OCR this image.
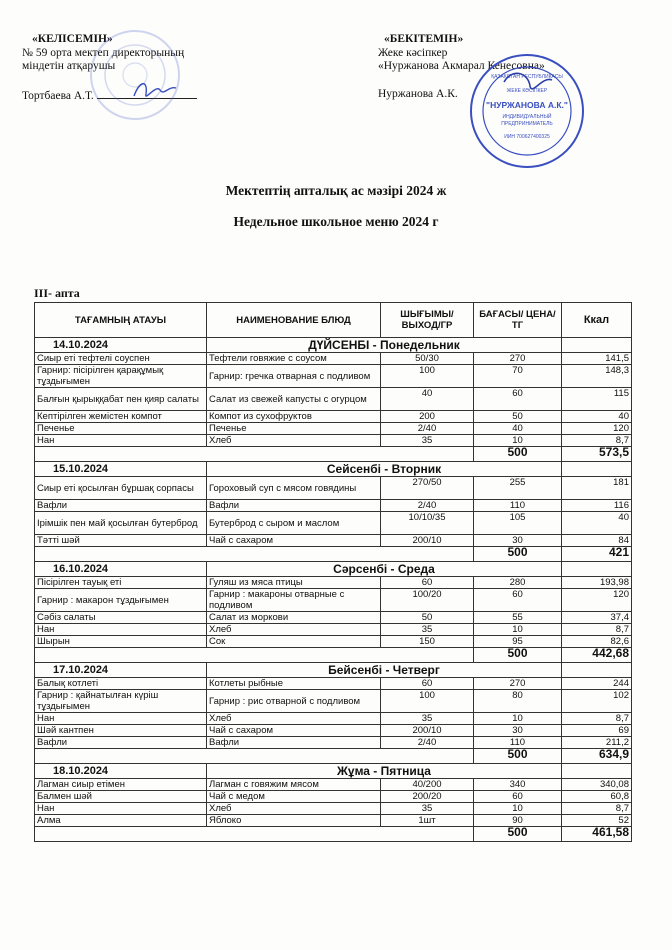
«КЕЛІСЕМІН»
№ 59 орта мектеп директорының
міндетін атқарушы
Тортбаева А.Т.
«БЕКІТЕМІН»
Жеке кәсіпкер
«Нуржанова Акмарал Кенесовна»
Нуржанова А.К.
ҚАЗАҚСТАН РЕСПУБЛИКАСЫ
ЖЕКЕ КӘСІПКЕР
"НУРЖАНОВА А.К."
ИНДИВИДУАЛЬНЫЙ
ПРЕДПРИНИМАТЕЛЬ
ИИН 700627400325
Мектептің апталық ас мәзірі 2024 ж
Недельное школьное меню 2024 г
III- апта
ТАҒАМНЫҢ АТАУЫ	НАИМЕНОВАНИЕ БЛЮД	ШЫҒЫМЫ/ ВЫХОД/ГР	БАҒАСЫ/ ЦЕНА/ТГ	Ккал
14.10.2024	ДҮЙСЕНБІ - Понедельник			
Сиыр еті тефтелі соуспен	Тефтели говяжие с соусом	50/30	270	141,5
Гарнир: пісірілген қарақұмық тұздығымен	Гарнир: гречка отварная с подливом	100	70	148,3
Балғын қырыққабат пен қияр салаты	Салат из свежей капусты с огурцом	40	60	115
Кептірілген жемістен компот	Компот из сухофруктов	200	50	40
Печенье	Печенье	2/40	40	120
Нан	Хлеб	35	10	8,7
			500	573,5
15.10.2024	Сейсенбі - Вторник			
Сиыр еті қосылған бұршақ сорпасы	Гороховый суп с мясом говядины	270/50	255	181
Вафли	Вафли	2/40	110	116
Ірімшік пен май қосылған бутерброд	Бутерброд с сыром и маслом	10/10/35	105	40
Тәтті шәй	Чай с сахаром	200/10	30	84
			500	421
16.10.2024	Сәрсенбі - Среда			
Пісірілген тауық еті	Гуляш из мяса птицы	60	280	193,98
Гарнир : макарон тұздығымен	Гарнир : макароны отварные с подливом	100/20	60	120
Сәбіз салаты	Салат из моркови	50	55	37,4
Нан	Хлеб	35	10	8,7
Шырын	Сок	150	95	82,6
			500	442,68
17.10.2024	Бейсенбі - Четверг			
Балық котлеті	Котлеты рыбные	60	270	244
Гарнир : қайнатылған күріш тұздығымен	Гарнир : рис отварной с подливом	100	80	102
Нан	Хлеб	35	10	8,7
Шәй кантпен	Чай с сахаром	200/10	30	69
Вафли	Вафли	2/40	110	211,2
			500	634,9
18.10.2024	Жұма - Пятница			
Лагман сиыр етімен	Лагман с говяжим мясом	40/200	340	340,08
Балмен шәй	Чай с медом	200/20	60	60,8
Нан	Хлеб	35	10	8,7
Алма	Яблоко	1шт	90	52
			500	461,58
